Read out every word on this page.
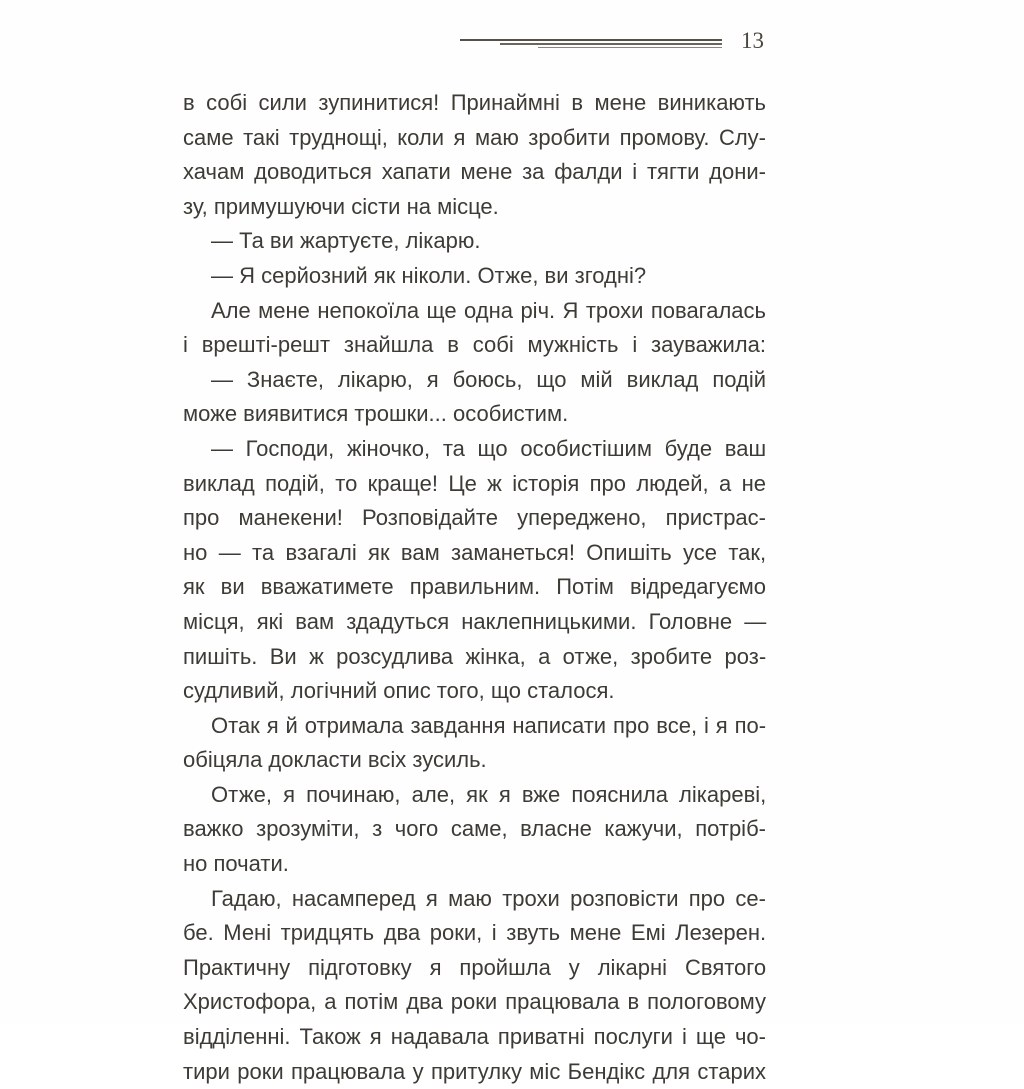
13
в собі сили зупинитися! Принаймні в мене виникають
саме такі труднощі, коли я маю зробити промову. Слу-
хачам доводиться хапати мене за фалди і тягти дони-
зу, примушуючи сісти на місце.
— Та ви жартуєте, лікарю.
— Я серйозний як ніколи. Отже, ви згодні?
Але мене непокоїла ще одна річ. Я трохи повагалась
і врешті-решт знайшла в собі мужність і зауважила:
— Знаєте, лікарю, я боюсь, що мій виклад подій
може виявитися трошки... особистим.
— Господи, жіночко, та що особистішим буде ваш
виклад подій, то краще! Це ж історія про людей, а не
про манекени! Розповідайте упереджено, пристрас-
но — та взагалі як вам заманеться! Опишіть усе так,
як ви вважатимете правильним. Потім відредагуємо
місця, які вам здадуться наклепницькими. Головне —
пишіть. Ви ж розсудлива жінка, а отже, зробите роз-
судливий, логічний опис того, що сталося.
Отак я й отримала завдання написати про все, і я по-
обіцяла докласти всіх зусиль.
Отже, я починаю, але, як я вже пояснила лікареві,
важко зрозуміти, з чого саме, власне кажучи, потріб-
но почати.
Гадаю, насамперед я маю трохи розповісти про се-
бе. Мені тридцять два роки, і звуть мене Емі Лезерен.
Практичну підготовку я пройшла у лікарні Святого
Христофора, а потім два роки працювала в пологовому
відділенні. Також я надавала приватні послуги і ще чо-
тири роки працювала у притулку міс Бендікс для старих
